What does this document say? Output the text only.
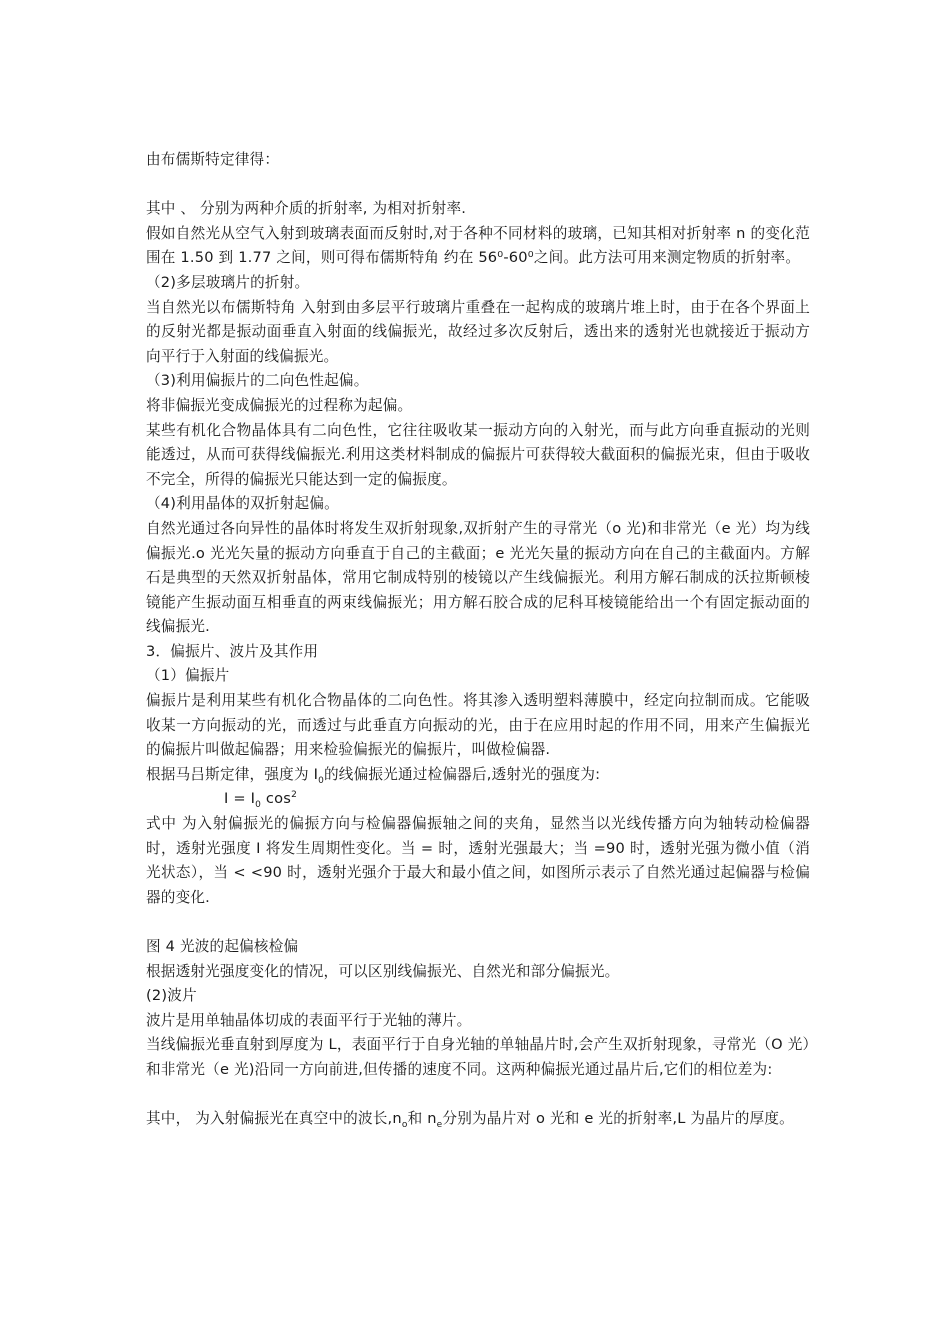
由布儒斯特定律得：

其中 、 分别为两种介质的折射率, 为相对折射率.

假如自然光从空气入射到玻璃表面而反射时,对于各种不同材料的玻璃，已知其相对折射率 n 的变化范围在 1.50 到 1.77 之间，则可得布儒斯特角 约在 56⁰-60⁰之间。此方法可用来测定物质的折射率。

（2)多层玻璃片的折射。

当自然光以布儒斯特角 入射到由多层平行玻璃片重叠在一起构成的玻璃片堆上时，由于在各个界面上的反射光都是振动面垂直入射面的线偏振光，故经过多次反射后，透出来的透射光也就接近于振动方向平行于入射面的线偏振光。

（3)利用偏振片的二向色性起偏。

将非偏振光变成偏振光的过程称为起偏。

某些有机化合物晶体具有二向色性，它往往吸收某一振动方向的入射光，而与此方向垂直振动的光则能透过，从而可获得线偏振光.利用这类材料制成的偏振片可获得较大截面积的偏振光束，但由于吸收不完全，所得的偏振光只能达到一定的偏振度。

（4)利用晶体的双折射起偏。

自然光通过各向异性的晶体时将发生双折射现象,双折射产生的寻常光（o 光)和非常光（e 光）均为线偏振光.o 光光矢量的振动方向垂直于自己的主截面；e 光光矢量的振动方向在自己的主截面内。方解石是典型的天然双折射晶体，常用它制成特别的棱镜以产生线偏振光。利用方解石制成的沃拉斯顿棱镜能产生振动面互相垂直的两束线偏振光；用方解石胶合成的尼科耳棱镜能给出一个有固定振动面的线偏振光.

3．偏振片、波片及其作用

（1）偏振片

偏振片是利用某些有机化合物晶体的二向色性。将其渗入透明塑料薄膜中，经定向拉制而成。它能吸收某一方向振动的光，而透过与此垂直方向振动的光，由于在应用时起的作用不同，用来产生偏振光的偏振片叫做起偏器；用来检验偏振光的偏振片，叫做检偏器.

根据马吕斯定律，强度为 $I_0$的线偏振光通过检偏器后,透射光的强度为:

$I = I_0$ $\cos^2$

式中 为入射偏振光的偏振方向与检偏器偏振轴之间的夹角，显然当以光线传播方向为轴转动检偏器时，透射光强度 I 将发生周期性变化。当 = 时，透射光强最大；当 =90 时，透射光强为微小值（消光状态），当 < <90 时，透射光强介于最大和最小值之间，如图所示表示了自然光通过起偏器与检偏器的变化.

图 4 光波的起偏核检偏

根据透射光强度变化的情况，可以区别线偏振光、自然光和部分偏振光。

(2)波片

波片是用单轴晶体切成的表面平行于光轴的薄片。

当线偏振光垂直射到厚度为 L，表面平行于自身光轴的单轴晶片时,会产生双折射现象，寻常光（O 光）和非常光（e 光)沿同一方向前进,但传播的速度不同。这两种偏振光通过晶片后,它们的相位差为:

其中， 为入射偏振光在真空中的波长$,n_o$和 $n_e$分别为晶片对 o 光和 e 光的折射率,L 为晶片的厚度。
